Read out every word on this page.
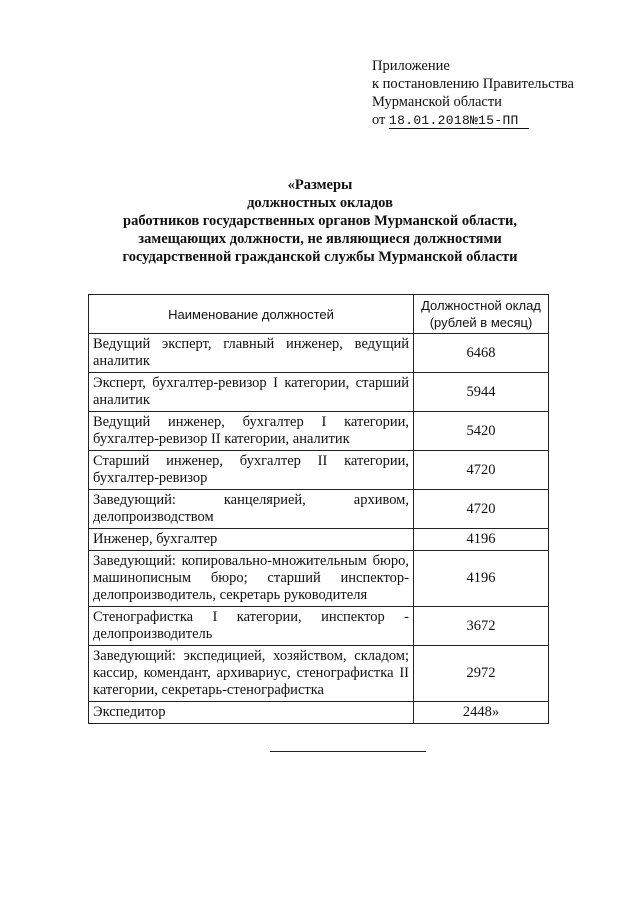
Приложение
к постановлению Правительства
Мурманской области
от 18.01.2018№15-ПП
«Размеры
должностных окладов
работников государственных органов Мурманской области,
замещающих должности, не являющиеся должностями
государственной гражданской службы Мурманской области
Наименование должностей	Должностной оклад (рублей в месяц)
Ведущий эксперт, главный инженер, ведущий аналитик	6468
Эксперт, бухгалтер-ревизор I категории, старший аналитик	5944
Ведущий инженер, бухгалтер I категории, бухгалтер-ревизор II категории, аналитик	5420
Старший инженер, бухгалтер II категории, бухгалтер-ревизор	4720
Заведующий: канцелярией, архивом, делопроизводством	4720
Инженер, бухгалтер	4196
Заведующий: копировально-множительным бюро, машинописным бюро; старший инспектор-делопроизводитель, секретарь руководителя	4196
Стенографистка I категории, инспектор - делопроизводитель	3672
Заведующий: экспедицией, хозяйством, складом; кассир, комендант, архивариус, стенографистка II категории, секретарь-стенографистка	2972
Экспедитор	2448»
